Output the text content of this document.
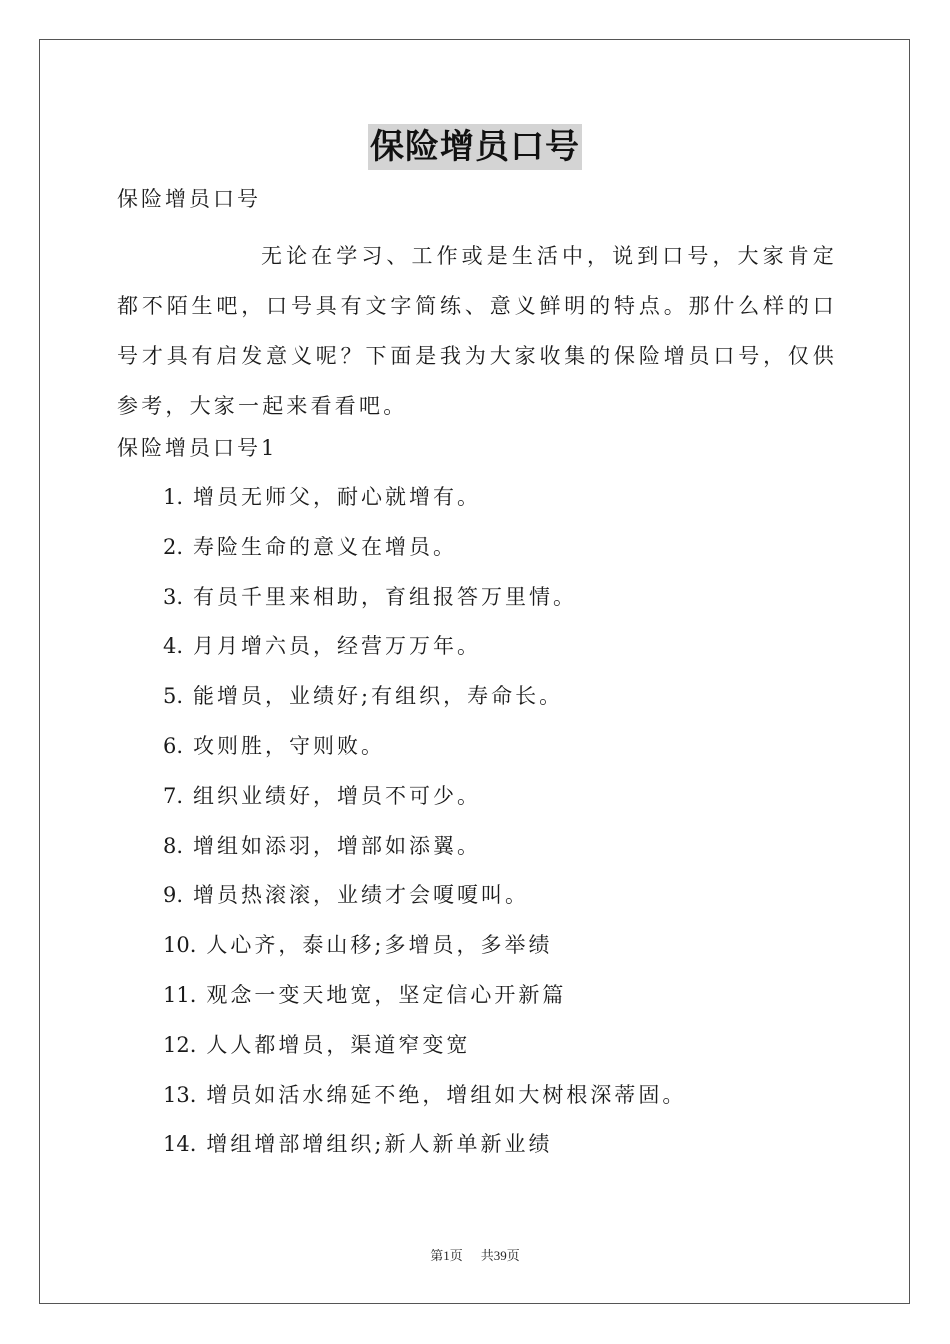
保险增员口号
保险增员口号
无论在学习、工作或是生活中，说到口号，大家肯定都不陌生吧，口号具有文字简练、意义鲜明的特点。那什么样的口号才具有启发意义呢？下面是我为大家收集的保险增员口号，仅供参考，大家一起来看看吧。
保险增员口号1
1. 增员无师父，耐心就增有。
2. 寿险生命的意义在增员。
3. 有员千里来相助，育组报答万里情。
4. 月月增六员，经营万万年。
5. 能增员，业绩好;有组织，寿命长。
6. 攻则胜，守则败。
7. 组织业绩好，增员不可少。
8. 增组如添羽，增部如添翼。
9. 增员热滚滚，业绩才会嗄嗄叫。
10. 人心齐，泰山移;多增员，多举绩
11. 观念一变天地宽，坚定信心开新篇
12. 人人都增员，渠道窄变宽
13. 增员如活水绵延不绝，增组如大树根深蒂固。
14. 增组增部增组织;新人新单新业绩
第1页 共39页
